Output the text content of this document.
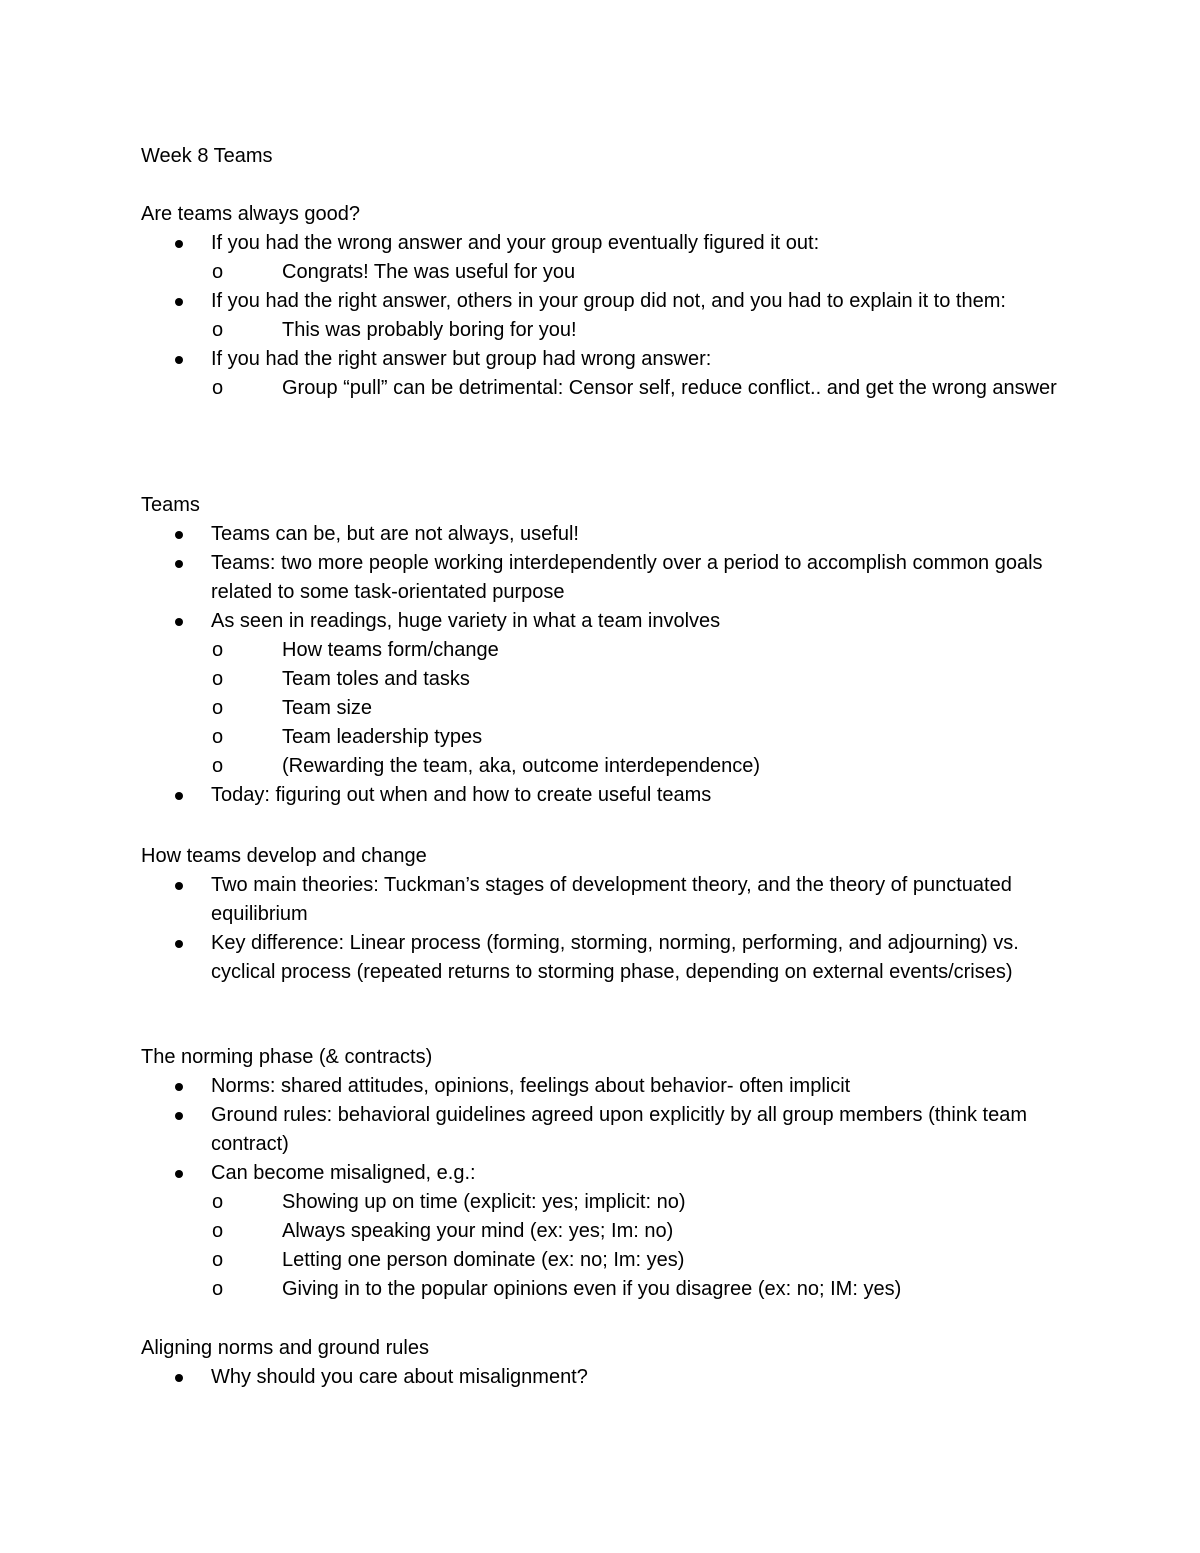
Week 8 Teams
Are teams always good?
If you had the wrong answer and your group eventually figured it out:
o	Congrats! The was useful for you
If you had the right answer, others in your group did not, and you had to explain it to them:
o	This was probably boring for you!
If you had the right answer but group had wrong answer:
o	Group “pull” can be detrimental: Censor self, reduce conflict.. and get the wrong answer
Teams
Teams can be, but are not always, useful!
Teams: two more people working interdependently over a period to accomplish common goals related to some task-orientated purpose
As seen in readings, huge variety in what a team involves
o	How teams form/change
o	Team toles and tasks
o	Team size
o	Team leadership types
o	(Rewarding the team, aka, outcome interdependence)
Today: figuring out when and how to create useful teams
How teams develop and change
Two main theories: Tuckman’s stages of development theory, and the theory of punctuated equilibrium
Key difference: Linear process (forming, storming, norming, performing, and adjourning) vs. cyclical process (repeated returns to storming phase, depending on external events/crises)
The norming phase (& contracts)
Norms: shared attitudes, opinions, feelings about behavior- often implicit
Ground rules: behavioral guidelines agreed upon explicitly by all group members (think team contract)
Can become misaligned, e.g.:
o	Showing up on time (explicit: yes; implicit: no)
o	Always speaking your mind (ex: yes; Im: no)
o	Letting one person dominate (ex: no; Im: yes)
o	Giving in to the popular opinions even if you disagree (ex: no; IM: yes)
Aligning norms and ground rules
Why should you care about misalignment?
